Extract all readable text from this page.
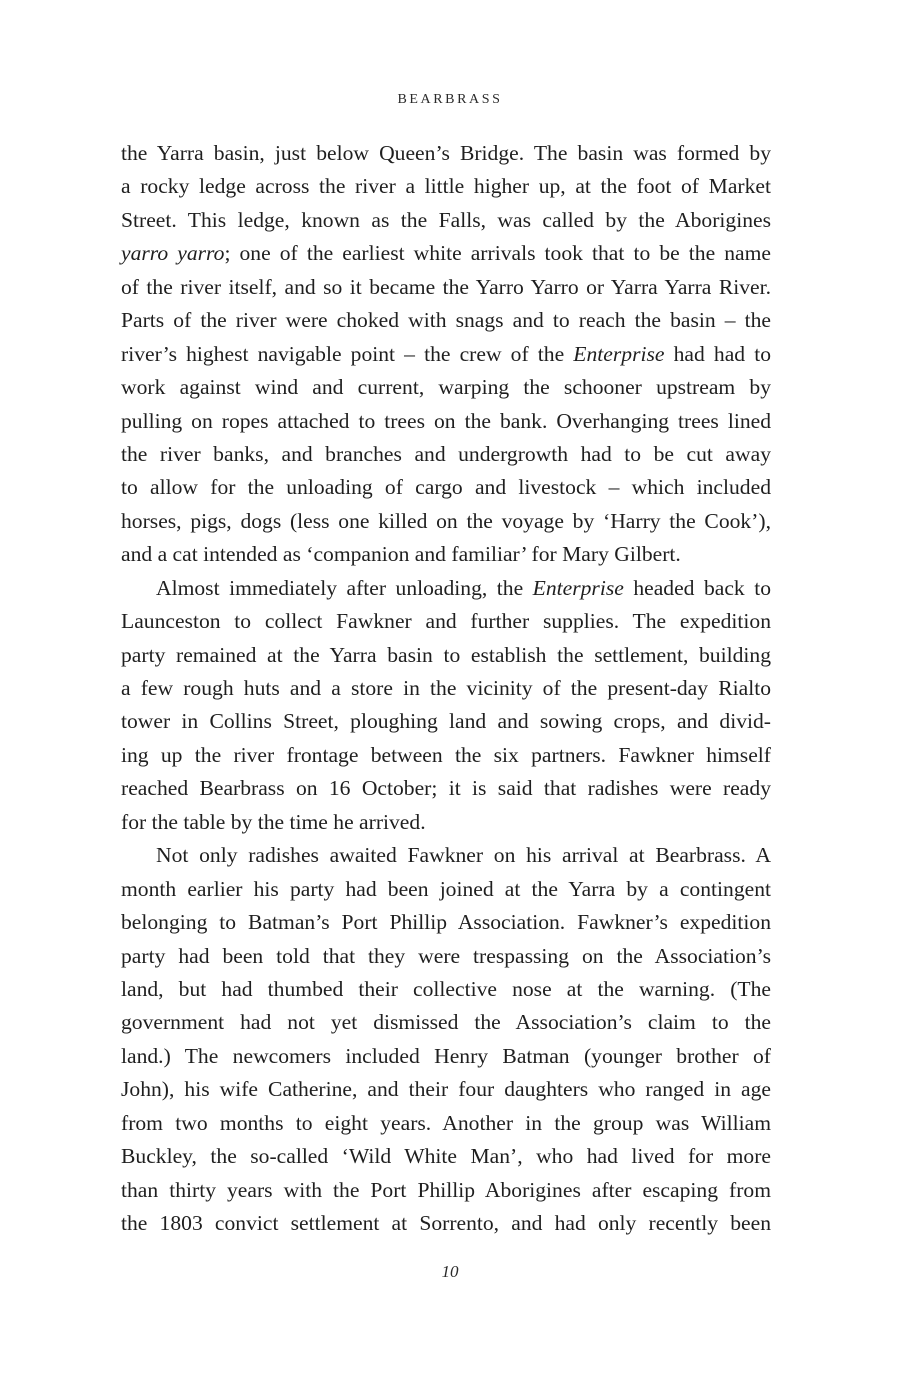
BEARBRASS
the Yarra basin, just below Queen’s Bridge. The basin was formed by
a rocky ledge across the river a little higher up, at the foot of Market
Street. This ledge, known as the Falls, was called by the Aborigines
yarro yarro; one of the earliest white arrivals took that to be the name
of the river itself, and so it became the Yarro Yarro or Yarra Yarra River.
Parts of the river were choked with snags and to reach the basin – the
river’s highest navigable point – the crew of the Enterprise had had to
work against wind and current, warping the schooner upstream by
pulling on ropes attached to trees on the bank. Overhanging trees lined
the river banks, and branches and undergrowth had to be cut away
to allow for the unloading of cargo and livestock – which included
horses, pigs, dogs (less one killed on the voyage by ‘Harry the Cook’),
and a cat intended as ‘companion and familiar’ for Mary Gilbert.
Almost immediately after unloading, the Enterprise headed back to
Launceston to collect Fawkner and further supplies. The expedition
party remained at the Yarra basin to establish the settlement, building
a few rough huts and a store in the vicinity of the present-day Rialto
tower in Collins Street, ploughing land and sowing crops, and divid-
ing up the river frontage between the six partners. Fawkner himself
reached Bearbrass on 16 October; it is said that radishes were ready
for the table by the time he arrived.
Not only radishes awaited Fawkner on his arrival at Bearbrass. A
month earlier his party had been joined at the Yarra by a contingent
belonging to Batman’s Port Phillip Association. Fawkner’s expedition
party had been told that they were trespassing on the Association’s
land, but had thumbed their collective nose at the warning. (The
government had not yet dismissed the Association’s claim to the
land.) The newcomers included Henry Batman (younger brother of
John), his wife Catherine, and their four daughters who ranged in age
from two months to eight years. Another in the group was William
Buckley, the so-called ‘Wild White Man’, who had lived for more
than thirty years with the Port Phillip Aborigines after escaping from
the 1803 convict settlement at Sorrento, and had only recently been
10
